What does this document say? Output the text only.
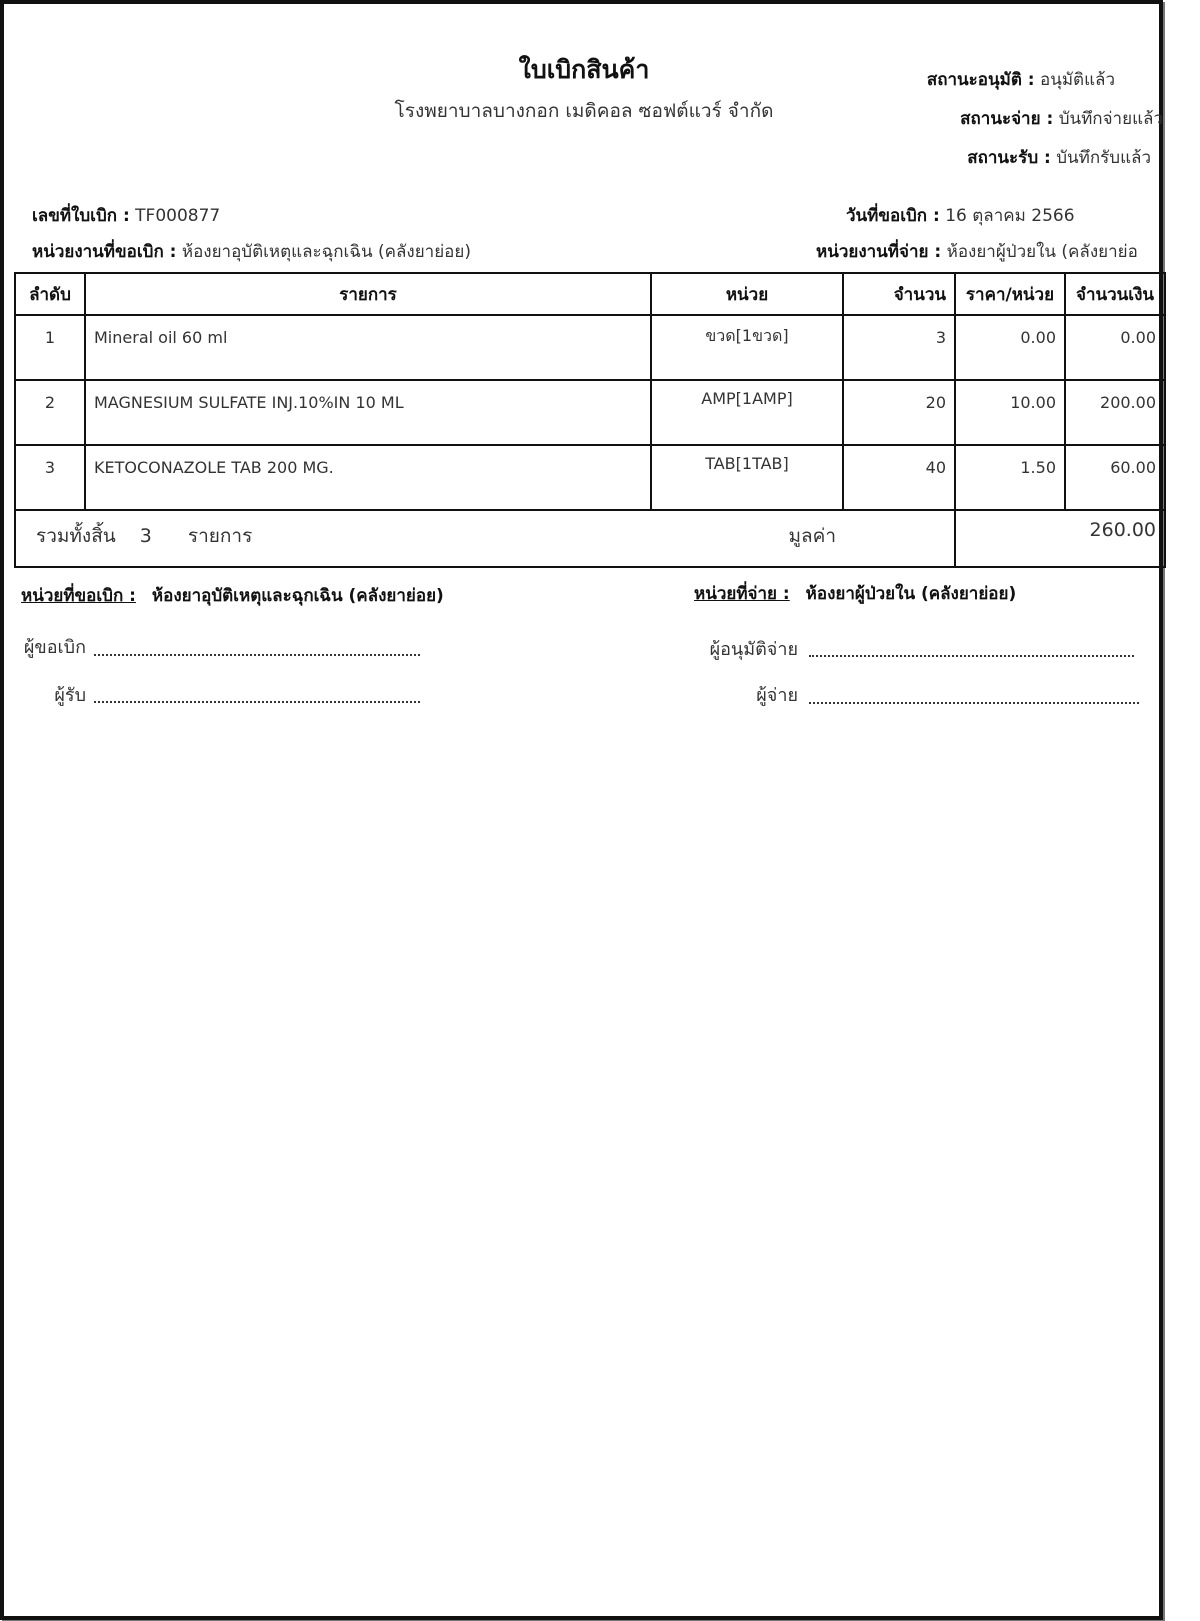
ใบเบิกสินค้า
โรงพยาบาลบางกอก เมดิคอล ซอฟต์แวร์ จำกัด
สถานะอนุมัติ : อนุมัติแล้ว
สถานะจ่าย : บันทึกจ่ายแล้ว
สถานะรับ : บันทึกรับแล้ว
เลขที่ใบเบิก : TF000877
หน่วยงานที่ขอเบิก : ห้องยาอุบัติเหตุและฉุกเฉิน (คลังยาย่อย)
วันที่ขอเบิก : 16 ตุลาคม 2566
หน่วยงานที่จ่าย : ห้องยาผู้ป่วยใน (คลังยาย่อ
ลำดับ	รายการ	หน่วย	จำนวน	ราคา/หน่วย	จำนวนเงิน
1	Mineral oil 60 ml	ขวด[1ขวด]	3	0.00	0.00
2	MAGNESIUM SULFATE INJ.10%IN 10 ML	AMP[1AMP]	20	10.00	200.00
3	KETOCONAZOLE TAB 200 MG.	TAB[1TAB]	40	1.50	60.00
รวมทั้งสิ้น 3 รายการ		มูลค่า		260.00	
หน่วยที่ขอเบิก : ห้องยาอุบัติเหตุและฉุกเฉิน (คลังยาย่อย)
ผู้ขอเบิก
ผู้รับ
หน่วยที่จ่าย : ห้องยาผู้ป่วยใน (คลังยาย่อย)
ผู้อนุมัติจ่าย
ผู้จ่าย
